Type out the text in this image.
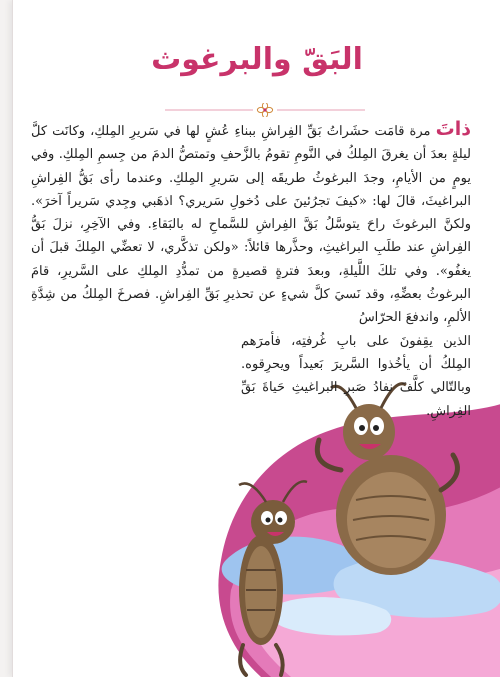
البَقّ والبرغوث

ذاتَ مرة قامَت حشَراتُ بَقِّ الفِراشِ ببناءِ عُشٍ لها في سَريرِ المِلكِ، وكانَت كلَّ ليلةٍ بعدَ أن يغرقَ المِلكُ في النَّومِ تقومُ بالزَّحفِ وتمتصُّ الدمَ من جِسمِ المِلكِ. وفي يومٍ من الأيامِ، وجدَ البرغوثُ طريقَه إلى سَريرِ المِلكِ. وعندما رأى بَقُّ الفِراشِ البراغيثَ، قالَ لها: «كيفَ تجرُئينَ على دُخولِ سَريري؟ اذهَبي وجِدي سَريراً آخرَ». ولكنَّ البرغوثَ راحَ يتوسَّلُ بَقَّ الفِراشِ للسَّماحِ له بالبَقاءِ. وفي الآخِرِ، نزلَ بَقُّ الفِراشِ عند طلَبِ البراغيثِ، وحذَّرها قائلاً: «ولكن تذكَّري، لا تعضِّي المِلكَ قبلَ أن يغفُو». وفي تلكَ اللَّيلةِ، وبعدَ فترةٍ قصيرةٍ من تمدُّدِ المِلكِ على السَّريرِ، قامَ البرغوثُ بعضِّهِ، وقد نَسيَ كلَّ شيءٍ عن تحذيرِ بَقِّ الفِراشِ. فصرخَ المِلكُ من شِدَّةِ الألمِ، واندفعَ الحرّاسُ

الذين يقِفونَ على بابِ غُرفتِه، فأمرَهم المِلكُ أن يأخُذوا السَّريرَ بَعيداً ويحرِقوه. وبالتّالي كلَّفَ نفادُ صَبرِ البراغيثِ حَياةَ بَقِّ الفِراشِ.
